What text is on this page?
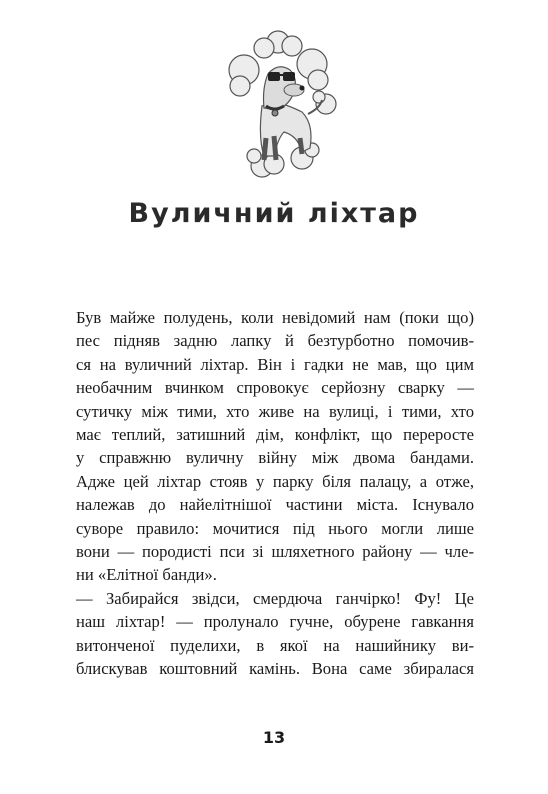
Вуличний ліхтар
Був майже полудень, коли невідомий нам (поки що)
пес підняв задню лапку й безтурботно помочив-
ся на вуличний ліхтар. Він і гадки не мав, що цим
необачним вчинком спровокує серйозну сварку —
сутичку між тими, хто живе на вулиці, і тими, хто
має теплий, затишний дім, конфлікт, що переросте
у справжню вуличну війну між двома бандами.
Адже цей ліхтар стояв у парку біля палацу, а отже,
належав до найелітнішої частини міста. Існувало
суворе правило: мочитися під нього могли лише
вони — породисті пси зі шляхетного району — чле-
ни «Елітної банди».
— Забирайся звідси, смердюча ганчірко! Фу! Це
наш ліхтар! — пролунало гучне, обурене гавкання
витонченої пуделихи, в якої на нашийнику ви-
блискував коштовний камінь. Вона саме збиралася
13
